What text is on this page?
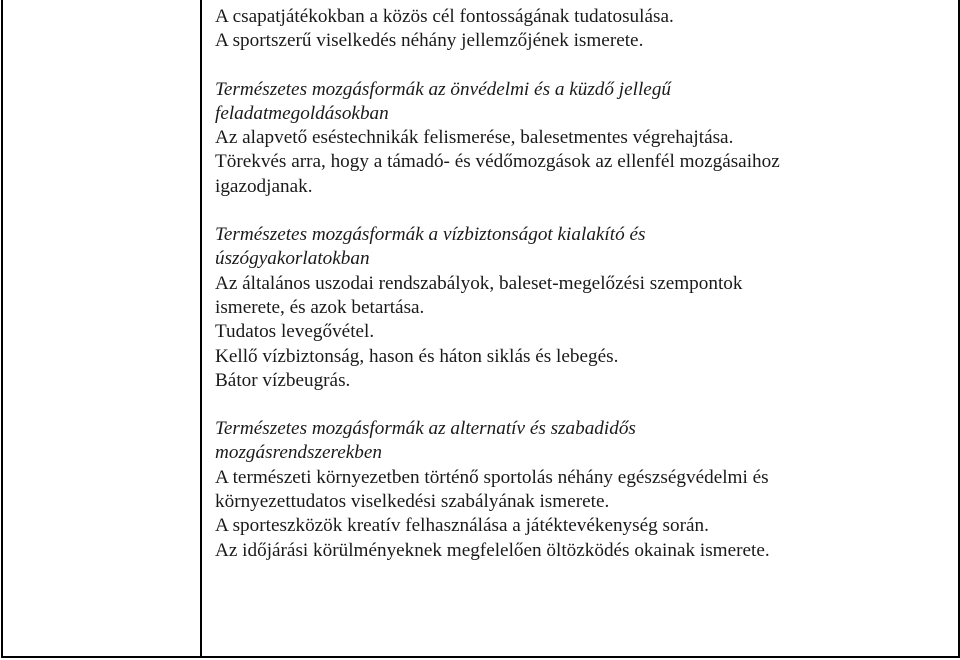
A csapatjátékokban a közös cél fontosságának tudatosulása.
A sportszerű viselkedés néhány jellemzőjének ismerete.
Természetes mozgásformák az önvédelmi és a küzdő jellegű
feladatmegoldásokban
Az alapvető eséstechnikák felismerése, balesetmentes végrehajtása.
Törekvés arra, hogy a támadó- és védőmozgások az ellenfél mozgásaihoz
igazodjanak.
Természetes mozgásformák a vízbiztonságot kialakító és
úszógyakorlatokban
Az általános uszodai rendszabályok, baleset-megelőzési szempontok
ismerete, és azok betartása.
Tudatos levegővétel.
Kellő vízbiztonság, hason és háton siklás és lebegés.
Bátor vízbeugrás.
Természetes mozgásformák az alternatív és szabadidős
mozgásrendszerekben
A természeti környezetben történő sportolás néhány egészségvédelmi és
környezettudatos viselkedési szabályának ismerete.
A sporteszközök kreatív felhasználása a játéktevékenység során.
Az időjárási körülményeknek megfelelően öltözködés okainak ismerete.
